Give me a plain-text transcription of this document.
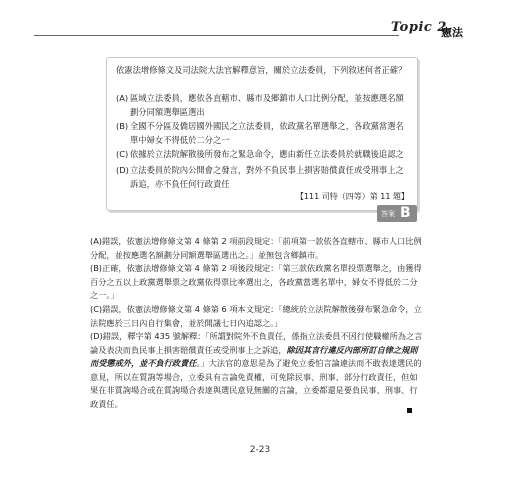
Topic 2
憲法
依憲法增修條文及司法院大法官解釋意旨，關於立法委員，下列敘述何者正確？
(A) 區域立法委員，應依各直轄市、縣市及鄉鎮市人口比例分配，並按應選名額劃分同額選舉區選出
(B) 全國不分區及僑居國外國民之立法委員，依政黨名單選舉之，各政黨當選名單中婦女不得低於二分之一
(C) 依據於立法院解散後所發布之緊急命令，應由新任立法委員於就職後追認之
(D) 立法委員於院內公開會之發言，對外不負民事上損害賠償責任或受刑事上之訴追，亦不負任何行政責任
【111 司特（四等）第 11 題】
答案 B
(A)錯誤，依憲法增修條文第 4 條第 2 項前段規定：「前項第一款依各直轄市、縣市人口比例分配，並按應選名額劃分同額選舉區選出之。」並無包含鄉鎮市。
(B)正確，依憲法增修條文第 4 條第 2 項後段規定：「第三款依政黨名單投票選舉之，由獲得百分之五以上政黨選舉票之政黨依得票比率選出之，各政黨當選名單中，婦女不得低於二分之一。」
(C)錯誤，依憲法增修條文第 4 條第 6 項本文規定：「總統於立法院解散後發布緊急命令，立法院應於三日內自行集會，並於開議七日內追認之。」
(D)錯誤，釋字第 435 號解釋：「所謂對院外不負責任，係指立法委員不因行使職權所為之言論及表決而負民事上損害賠償責任或受刑事上之訴追，除因其言行違反內部所訂自律之規則而受懲戒外，並不負行政責任。」大法官的意思是為了避免立委怕言論違法而不敢表達選民的意見，所以在質詢等場合，立委具有言論免責權，可免除民事、刑事、部分行政責任，但如果在非質詢場合或在質詢場合表達與選民意見無關的言論，立委都還是要負民事、刑事、行政責任。
2-23
